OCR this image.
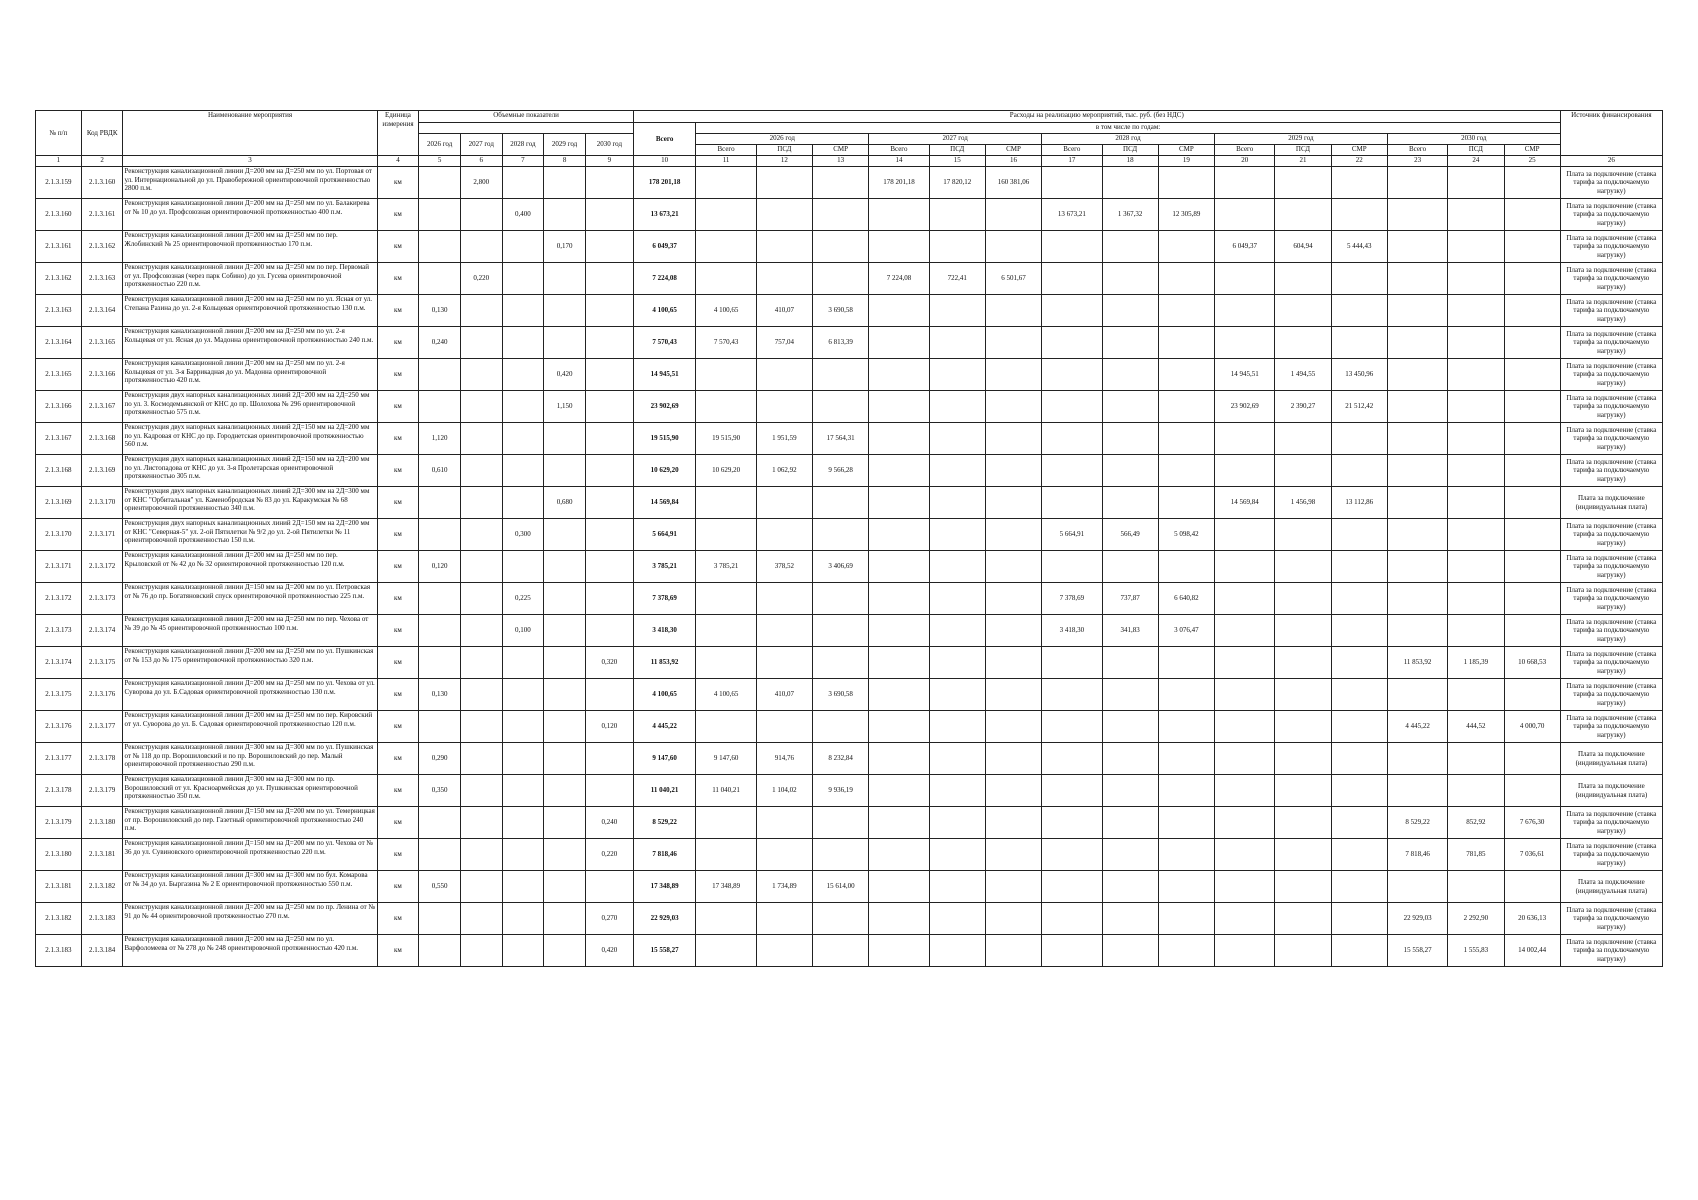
№ п/п	Код РВДК	Наименование мероприятия	Единица измерения	Объемные показатели					Расходы на реализацию мероприятий, тыс. руб. (без НДС)																Источник финансирования
									Всего	в том числе по годам:															
				2026 год	2027 год	2028 год	2029 год	2030 год		2026 год			2027 год			2028 год			2029 год			2030 год			
										Всего	ПСД	СМР	Всего	ПСД	СМР	Всего	ПСД	СМР	Всего	ПСД	СМР	Всего	ПСД	СМР	
1	2	3	4	5	6	7	8	9	10	11	12	13	14	15	16	17	18	19	20	21	22	23	24	25	26
2.1.3.159	2.1.3.160	Реконструкция канализационной линии Д=200 мм на Д=250 мм по ул. Портовая от ул. Интернациональной до ул. Правобережной ориентировочной протяженностью 2800 п.м.	км		2,800				178 201,18				178 201,18	17 820,12	160 381,06										Плата за подключение (ставка тарифа за подключаемую нагрузку)
2.1.3.160	2.1.3.161	Реконструкция канализационной линии Д=200 мм на Д=250 мм по ул. Балакирева от № 10 до ул. Профсоюзная ориентировочной протяженностью 400 п.м.	км			0,400			13 673,21							13 673,21	1 367,32	12 305,89							Плата за подключение (ставка тарифа за подключаемую нагрузку)
2.1.3.161	2.1.3.162	Реконструкция канализационной линии Д=200 мм на Д=250 мм по пер. Жлобинский № 25 ориентировочной протяженностью 170 п.м.	км				0,170		6 049,37										6 049,37	604,94	5 444,43				Плата за подключение (ставка тарифа за подключаемую нагрузку)
2.1.3.162	2.1.3.163	Реконструкция канализационной линии Д=200 мм на Д=250 мм по пер. Первомай от ул. Профсоюзная (через парк Собино) до ул. Гусева ориентировочной протяженностью 220 п.м.	км		0,220				7 224,08				7 224,08	722,41	6 501,67										Плата за подключение (ставка тарифа за подключаемую нагрузку)
2.1.3.163	2.1.3.164	Реконструкция канализационной линии Д=200 мм на Д=250 мм по ул. Ясная от ул. Степана Разина до ул. 2-я Кольцевая ориентировочной протяженностью 130 п.м.	км	0,130					4 100,65	4 100,65	410,07	3 690,58													Плата за подключение (ставка тарифа за подключаемую нагрузку)
2.1.3.164	2.1.3.165	Реконструкция канализационной линии Д=200 мм на Д=250 мм по ул. 2-я Кольцевая от ул. Ясная до ул. Мадонна ориентировочной протяженностью 240 п.м.	км	0,240					7 570,43	7 570,43	757,04	6 813,39													Плата за подключение (ставка тарифа за подключаемую нагрузку)
2.1.3.165	2.1.3.166	Реконструкция канализационной линии Д=200 мм на Д=250 мм по ул. 2-я Кольцевая от ул. 3-я Баррикадная до ул. Мадонна ориентировочной протяженностью 420 п.м.	км				0,420		14 945,51										14 945,51	1 494,55	13 450,96				Плата за подключение (ставка тарифа за подключаемую нагрузку)
2.1.3.166	2.1.3.167	Реконструкция двух напорных канализационных линий 2Д=200 мм на 2Д=250 мм по ул. 3. Космодемьянской от КНС до пр. Шолохова № 296 ориентировочной протяженностью 575 п.м.	км				1,150		23 902,69										23 902,69	2 390,27	21 512,42				Плата за подключение (ставка тарифа за подключаемую нагрузку)
2.1.3.167	2.1.3.168	Реконструкция двух напорных канализационных линий 2Д=150 мм на 2Д=200 мм по ул. Кадровая от КНС до пр. Городнетская ориентировочной протяженностью 560 п.м.	км	1,120					19 515,90	19 515,90	1 951,59	17 564,31													Плата за подключение (ставка тарифа за подключаемую нагрузку)
2.1.3.168	2.1.3.169	Реконструкция двух напорных канализационных линий 2Д=150 мм на 2Д=200 мм по ул. Листопадова от КНС до ул. 3-я Пролетарская ориентировочной протяженностью 305 п.м.	км	0,610					10 629,20	10 629,20	1 062,92	9 566,28													Плата за подключение (ставка тарифа за подключаемую нагрузку)
2.1.3.169	2.1.3.170	Реконструкция двух напорных канализационных линий 2Д=300 мм на 2Д=300 мм от КНС "Орбитальная" ул. Каменобродская № 83 до ул. Каракумская № 68 ориентировочной протяженностью 340 п.м.	км				0,680		14 569,84										14 569,84	1 456,98	13 112,86				Плата за подключение (индивидуальная плата)
2.1.3.170	2.1.3.171	Реконструкция двух напорных канализационных линий 2Д=150 мм на 2Д=200 мм от КНС "Северная-5" ул. 2-ой Пятилетки № 9/2 до ул. 2-ой Пятилетки № 11 ориентировочной протяженностью 150 п.м.	км			0,300			5 664,91							5 664,91	566,49	5 098,42							Плата за подключение (ставка тарифа за подключаемую нагрузку)
2.1.3.171	2.1.3.172	Реконструкция канализационной линии Д=200 мм на Д=250 мм по пер. Крыловской от № 42 до № 32 ориентировочной протяженностью 120 п.м.	км	0,120					3 785,21	3 785,21	378,52	3 406,69													Плата за подключение (ставка тарифа за подключаемую нагрузку)
2.1.3.172	2.1.3.173	Реконструкция канализационной линии Д=150 мм на Д=200 мм по ул. Петровская от № 76 до пр. Богатяновский спуск ориентировочной протяженностью 225 п.м.	км			0,225			7 378,69							7 378,69	737,87	6 640,82							Плата за подключение (ставка тарифа за подключаемую нагрузку)
2.1.3.173	2.1.3.174	Реконструкция канализационной линии Д=200 мм на Д=250 мм по пер. Чехова от № 39 до № 45 ориентировочной протяженностью 100 п.м.	км			0,100			3 418,30							3 418,30	341,83	3 076,47							Плата за подключение (ставка тарифа за подключаемую нагрузку)
2.1.3.174	2.1.3.175	Реконструкция канализационной линии Д=200 мм на Д=250 мм по ул. Пушкинская от № 153 до № 175 ориентировочной протяженностью 320 п.м.	км					0,320	11 853,92													11 853,92	1 185,39	10 668,53	Плата за подключение (ставка тарифа за подключаемую нагрузку)
2.1.3.175	2.1.3.176	Реконструкция канализационной линии Д=200 мм на Д=250 мм по ул. Чехова от ул. Суворова до ул. Б.Садовая ориентировочной протяженностью 130 п.м.	км	0,130					4 100,65	4 100,65	410,07	3 690,58													Плата за подключение (ставка тарифа за подключаемую нагрузку)
2.1.3.176	2.1.3.177	Реконструкция канализационной линии Д=200 мм на Д=250 мм по пер. Кировский от ул. Суворова до ул. Б. Садовая ориентировочной протяженностью 120 п.м.	км					0,120	4 445,22													4 445,22	444,52	4 000,70	Плата за подключение (ставка тарифа за подключаемую нагрузку)
2.1.3.177	2.1.3.178	Реконструкция канализационной линии Д=300 мм на Д=300 мм по ул. Пушкинская от № 118 до пр. Ворошиловский и по пр. Ворошиловский до пер. Малый ориентировочной протяженностью 290 п.м.	км	0,290					9 147,60	9 147,60	914,76	8 232,84													Плата за подключение (индивидуальная плата)
2.1.3.178	2.1.3.179	Реконструкция канализационной линии Д=300 мм на Д=300 мм по пр. Ворошиловский от ул. Красноармейская до ул. Пушкинская ориентировочной протяженностью 350 п.м.	км	0,350					11 040,21	11 040,21	1 104,02	9 936,19													Плата за подключение (индивидуальная плата)
2.1.3.179	2.1.3.180	Реконструкция канализационной линии Д=150 мм на Д=200 мм по ул. Темерницкая от пр. Ворошиловский до пер. Газетный ориентировочной протяженностью 240 п.м.	км					0,240	8 529,22													8 529,22	852,92	7 676,30	Плата за подключение (ставка тарифа за подключаемую нагрузку)
2.1.3.180	2.1.3.181	Реконструкция канализационной линии Д=150 мм на Д=200 мм по ул. Чехова от № 36 до ул. Сувиновского ориентировочной протяженностью 220 п.м.	км					0,220	7 818,46													7 818,46	781,85	7 036,61	Плата за подключение (ставка тарифа за подключаемую нагрузку)
2.1.3.181	2.1.3.182	Реконструкция канализационной линии Д=300 мм на Д=300 мм по бул. Комарова от № 34 до ул. Быргазина № 2 Е ориентировочной протяженностью 550 п.м.	км	0,550					17 348,89	17 348,89	1 734,89	15 614,00													Плата за подключение (индивидуальная плата)
2.1.3.182	2.1.3.183	Реконструкция канализационной линии Д=200 мм на Д=250 мм по пр. Ленина от № 91 до № 44 ориентировочной протяженностью 270 п.м.	км					0,270	22 929,03													22 929,03	2 292,90	20 636,13	Плата за подключение (ставка тарифа за подключаемую нагрузку)
2.1.3.183	2.1.3.184	Реконструкция канализационной линии Д=200 мм на Д=250 мм по ул. Варфоломеева от № 278 до № 248 ориентировочной протяженностью 420 п.м.	км					0,420	15 558,27													15 558,27	1 555,83	14 002,44	Плата за подключение (ставка тарифа за подключаемую нагрузку)
